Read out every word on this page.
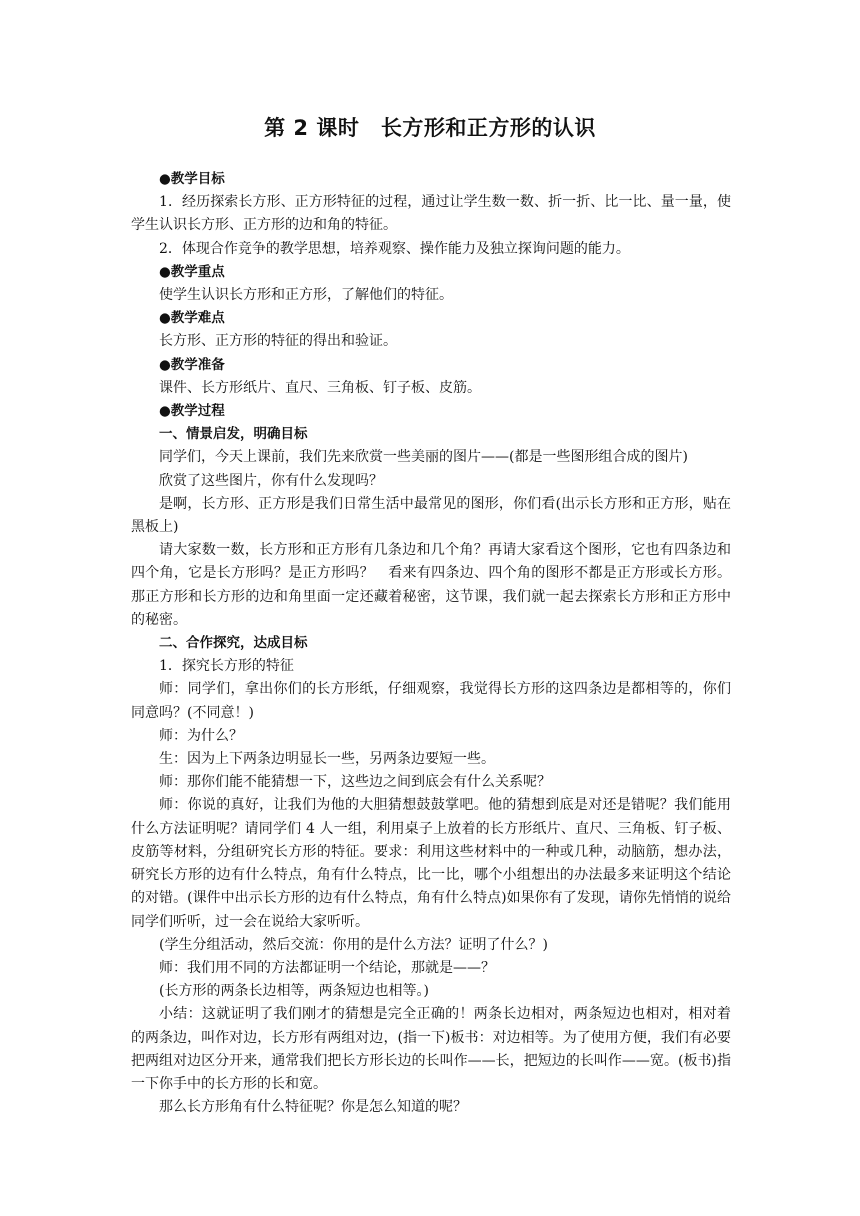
第 2 课时　长方形和正方形的认识

●教学目标

1．经历探索长方形、正方形特征的过程，通过让学生数一数、折一折、比一比、量一量，使学生认识长方形、正方形的边和角的特征。

2．体现合作竞争的教学思想，培养观察、操作能力及独立探询问题的能力。

●教学重点

使学生认识长方形和正方形，了解他们的特征。

●教学难点

长方形、正方形的特征的得出和验证。

●教学准备

课件、长方形纸片、直尺、三角板、钉子板、皮筋。

●教学过程

一、情景启发，明确目标

同学们，今天上课前，我们先来欣赏一些美丽的图片——(都是一些图形组合成的图片)

欣赏了这些图片，你有什么发现吗？

是啊，长方形、正方形是我们日常生活中最常见的图形，你们看(出示长方形和正方形，贴在黑板上)

请大家数一数，长方形和正方形有几条边和几个角？再请大家看这个图形，它也有四条边和四个角，它是长方形吗？是正方形吗？　看来有四条边、四个角的图形不都是正方形或长方形。那正方形和长方形的边和角里面一定还藏着秘密，这节课，我们就一起去探索长方形和正方形中的秘密。

二、合作探究，达成目标

1．探究长方形的特征

师：同学们，拿出你们的长方形纸，仔细观察，我觉得长方形的这四条边是都相等的，你们同意吗？(不同意！)

师：为什么？

生：因为上下两条边明显长一些，另两条边要短一些。

师：那你们能不能猜想一下，这些边之间到底会有什么关系呢？

师：你说的真好，让我们为他的大胆猜想鼓鼓掌吧。他的猜想到底是对还是错呢？我们能用什么方法证明呢？请同学们 4 人一组，利用桌子上放着的长方形纸片、直尺、三角板、钉子板、皮筋等材料，分组研究长方形的特征。要求：利用这些材料中的一种或几种，动脑筋，想办法，研究长方形的边有什么特点，角有什么特点，比一比，哪个小组想出的办法最多来证明这个结论的对错。(课件中出示长方形的边有什么特点，角有什么特点)如果你有了发现，请你先悄悄的说给同学们听听，过一会在说给大家听听。

(学生分组活动，然后交流：你用的是什么方法？证明了什么？)

师：我们用不同的方法都证明一个结论，那就是——？

(长方形的两条长边相等，两条短边也相等。)

小结：这就证明了我们刚才的猜想是完全正确的！两条长边相对，两条短边也相对，相对着的两条边，叫作对边，长方形有两组对边，(指一下)板书：对边相等。为了使用方便，我们有必要把两组对边区分开来，通常我们把长方形长边的长叫作——长，把短边的长叫作——宽。(板书)指一下你手中的长方形的长和宽。

那么长方形角有什么特征呢？你是怎么知道的呢？
